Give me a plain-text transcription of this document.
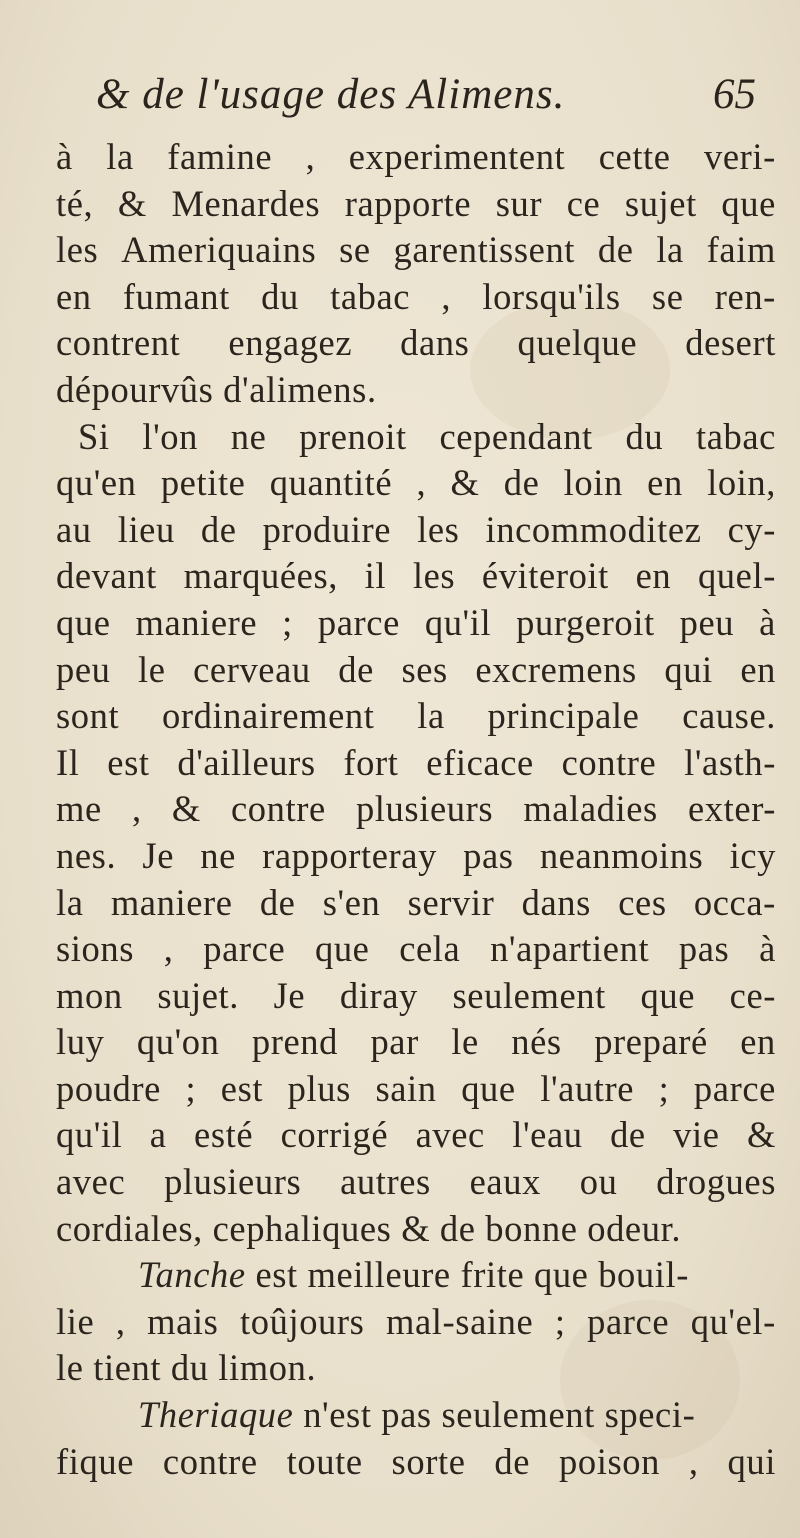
& de l'usage des Alimens.	65
à la famine , experimentent cette veri-
té, & Menardes rapporte sur ce sujet que
les Ameriquains se garentissent de la faim
en fumant du tabac , lorsqu'ils se ren-
contrent engagez dans quelque desert
dépourvûs d'alimens.
Si l'on ne prenoit cependant du tabac
qu'en petite quantité , & de loin en loin,
au lieu de produire les incommoditez cy-
devant marquées, il les éviteroit en quel-
que maniere ; parce qu'il purgeroit peu à
peu le cerveau de ses excremens qui en
sont ordinairement la principale cause.
Il est d'ailleurs fort eficace contre l'asth-
me , & contre plusieurs maladies exter-
nes. Je ne rapporteray pas neanmoins icy
la maniere de s'en servir dans ces occa-
sions , parce que cela n'apartient pas à
mon sujet. Je diray seulement que ce-
luy qu'on prend par le nés preparé en
poudre ; est plus sain que l'autre ; parce
qu'il a esté corrigé avec l'eau de vie &
avec plusieurs autres eaux ou drogues
cordiales, cephaliques & de bonne odeur.
Tanche est meilleure frite que bouil-
lie , mais toûjours mal-saine ; parce qu'el-
le tient du limon.
Theriaque n'est pas seulement speci-
fique contre toute sorte de poison , qui
